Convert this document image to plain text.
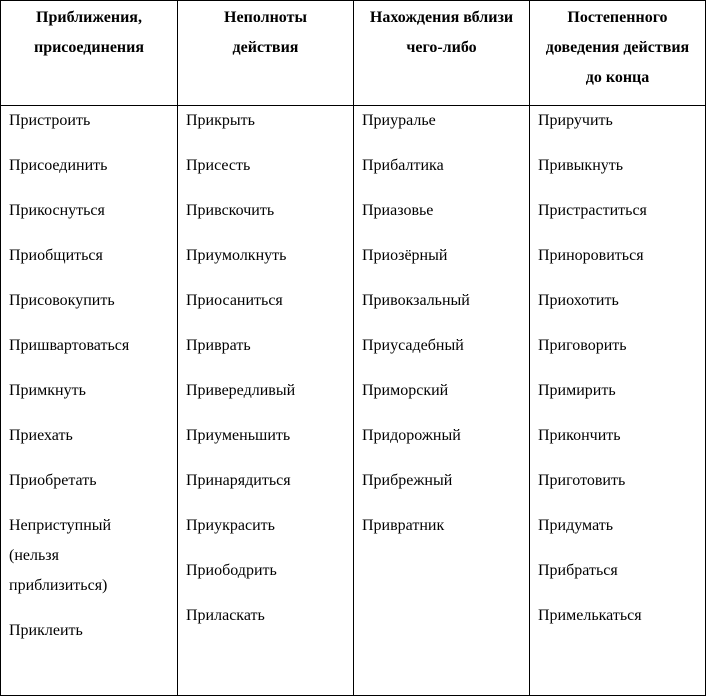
Приближения,
присоединения
Неполноты
действия
Нахождения вблизи
чего-либо
Постепенного
доведения действия
до конца
Пристроить
Присоединить
Прикоснуться
Приобщиться
Присовокупить
Пришвартоваться
Примкнуть
Приехать
Приобретать
Неприступный
(нельзя
приблизиться)
Приклеить
Прикрыть
Присесть
Привскочить
Приумолкнуть
Приосаниться
Приврать
Привередливый
Приуменьшить
Принарядиться
Приукрасить
Приободрить
Приласкать
Приуралье
Прибалтика
Приазовье
Приозёрный
Привокзальный
Приусадебный
Приморский
Придорожный
Прибрежный
Привратник
Приручить
Привыкнуть
Пристраститься
Приноровиться
Приохотить
Приговорить
Примирить
Прикончить
Приготовить
Придумать
Прибраться
Примелькаться
